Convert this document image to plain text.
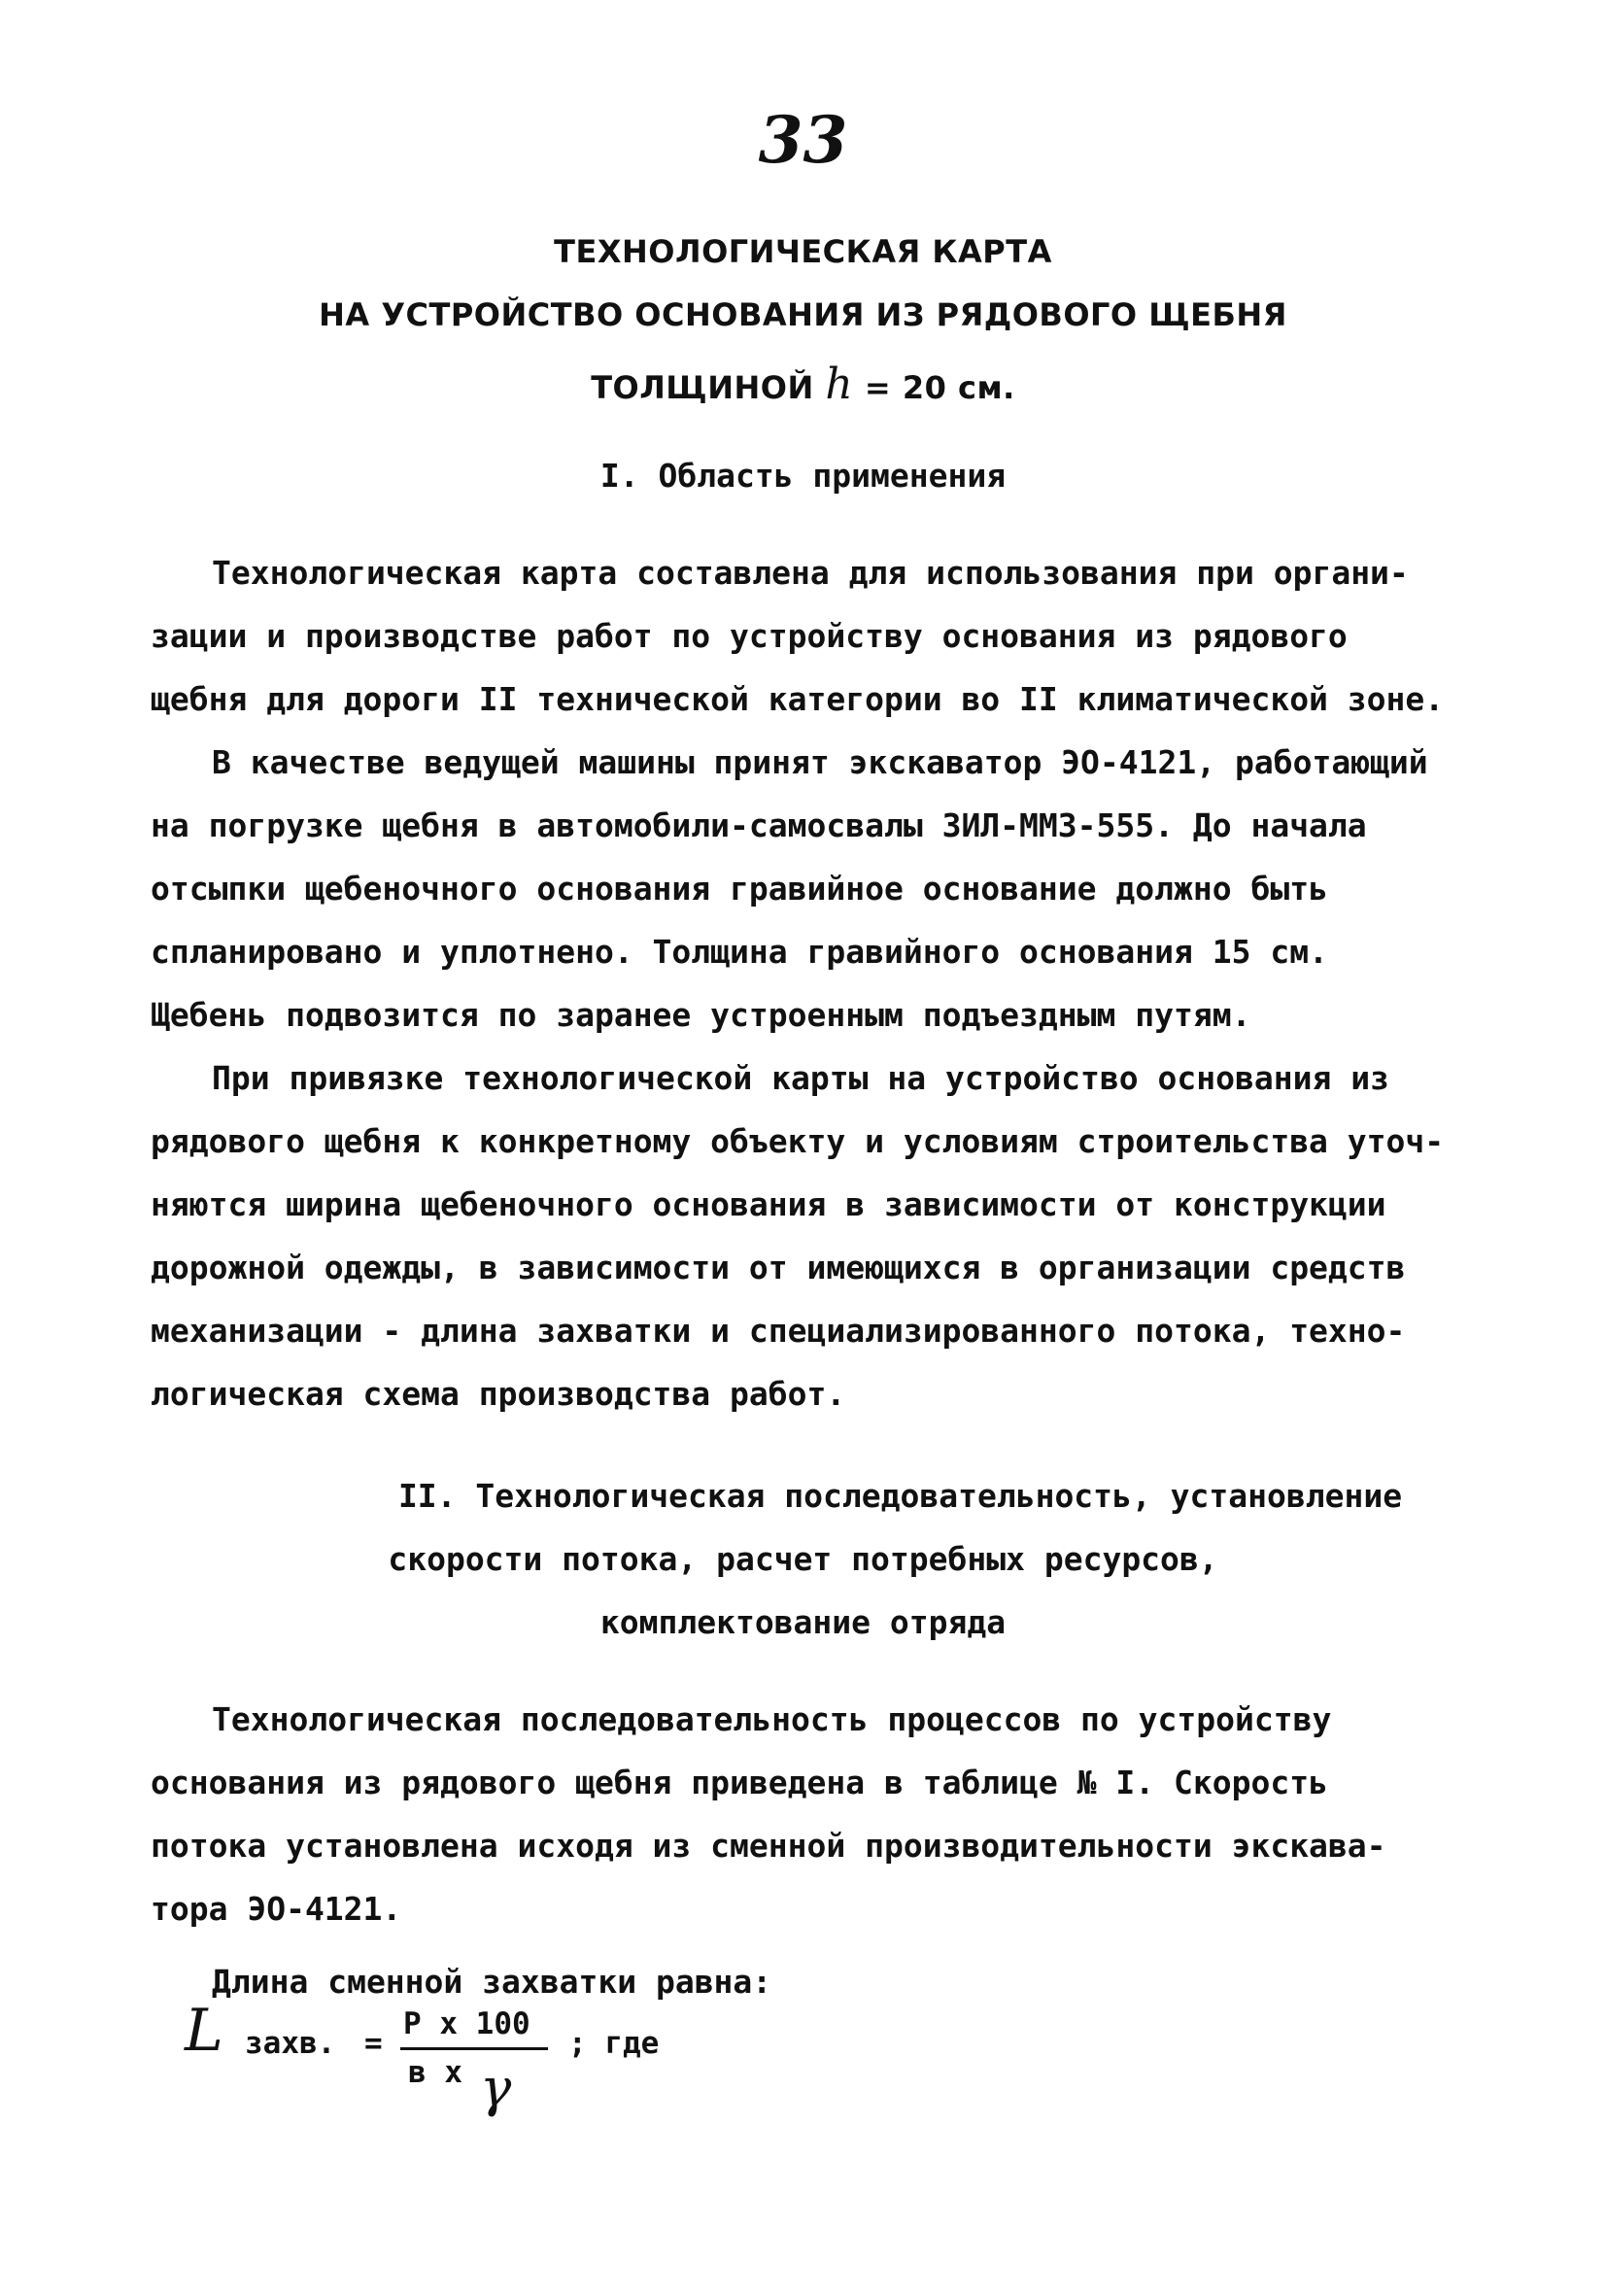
33
ТЕХНОЛОГИЧЕСКАЯ КАРТА
НА УСТРОЙСТВО ОСНОВАНИЯ ИЗ РЯДОВОГО ЩЕБНЯ
ТОЛЩИНОЙ h = 20 см.
I. Область применения
Технологическая карта составлена для использования при органи-
зации и производстве работ по устройству основания из рядового
щебня для дороги II технической категории во II климатической зоне.
В качестве ведущей машины принят экскаватор ЭО-4121, работающий
на погрузке щебня в автомобили-самосвалы ЗИЛ-ММЗ-555. До начала
отсыпки щебеночного основания гравийное основание должно быть
спланировано и уплотнено. Толщина гравийного основания 15 см.
Щебень подвозится по заранее устроенным подъездным путям.
При привязке технологической карты на устройство основания из
рядового щебня к конкретному объекту и условиям строительства уточ-
няются ширина щебеночного основания в зависимости от конструкции
дорожной одежды, в зависимости от имеющихся в организации средств
механизации - длина захватки и специализированного потока, техно-
логическая схема производства работ.
II. Технологическая последовательность, установление
скорости потока, расчет потребных ресурсов,
комплектование отряда
Технологическая последовательность процессов по устройству
основания из рядового щебня приведена в таблице № I. Скорость
потока установлена исходя из сменной производительности экскава-
тора ЭО-4121.
Длина сменной захватки равна:
L захв. =
P x 100
в x γ
; где
